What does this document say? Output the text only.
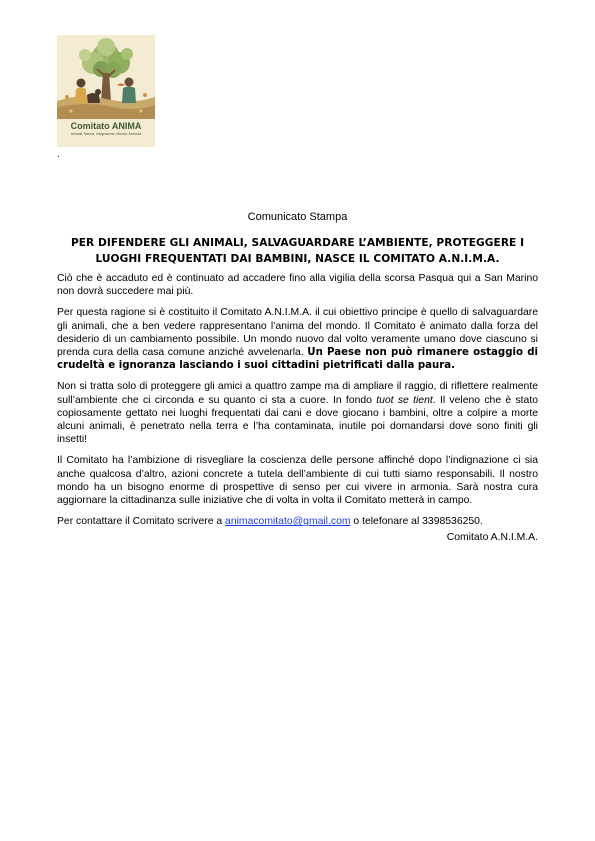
Comitato ANIMA
Animali, Natura, Integrazione, Mondo, Armonia
.
Comunicato Stampa
PER DIFENDERE GLI ANIMALI, SALVAGUARDARE L’AMBIENTE, PROTEGGERE I LUOGHI FREQUENTATI DAI BAMBINI, NASCE IL COMITATO A.N.I.M.A.

Ciò che è accaduto ed è continuato ad accadere fino alla vigilia della scorsa Pasqua qui a San Marino non dovrà succedere mai più.

Per questa ragione si è costituito il Comitato A.N.I.M.A. il cui obiettivo principe è quello di salvaguardare gli animali, che a ben vedere rappresentano l’anima del mondo. Il Comitato è animato dalla forza del desiderio di un cambiamento possibile. Un mondo nuovo dal volto veramente umano dove ciascuno si prenda cura della casa comune anziché avvelenarla. Un Paese non può rimanere ostaggio di crudeltà e ignoranza lasciando i suoi cittadini pietrificati dalla paura.

Non si tratta solo di proteggere gli amici a quattro zampe ma di ampliare il raggio, di riflettere realmente sull’ambiente che ci circonda e su quanto ci sta a cuore. In fondo tuot se tient. Il veleno che è stato copiosamente gettato nei luoghi frequentati dai cani e dove giocano i bambini, oltre a colpire a morte alcuni animali, è penetrato nella terra e l’ha contaminata, inutile poi domandarsi dove sono finiti gli insetti!

Il Comitato ha l’ambizione di risvegliare la coscienza delle persone affinché dopo l’indignazione ci sia anche qualcosa d’altro, azioni concrete a tutela dell’ambiente di cui tutti siamo responsabili. Il nostro mondo ha un bisogno enorme di prospettive di senso per cui vivere in armonia. Sarà nostra cura aggiornare la cittadinanza sulle iniziative che di volta in volta il Comitato metterà in campo.

Per contattare il Comitato scrivere a animacomitato@gmail.com o telefonare al 3398536250.

Comitato A.N.I.M.A.
